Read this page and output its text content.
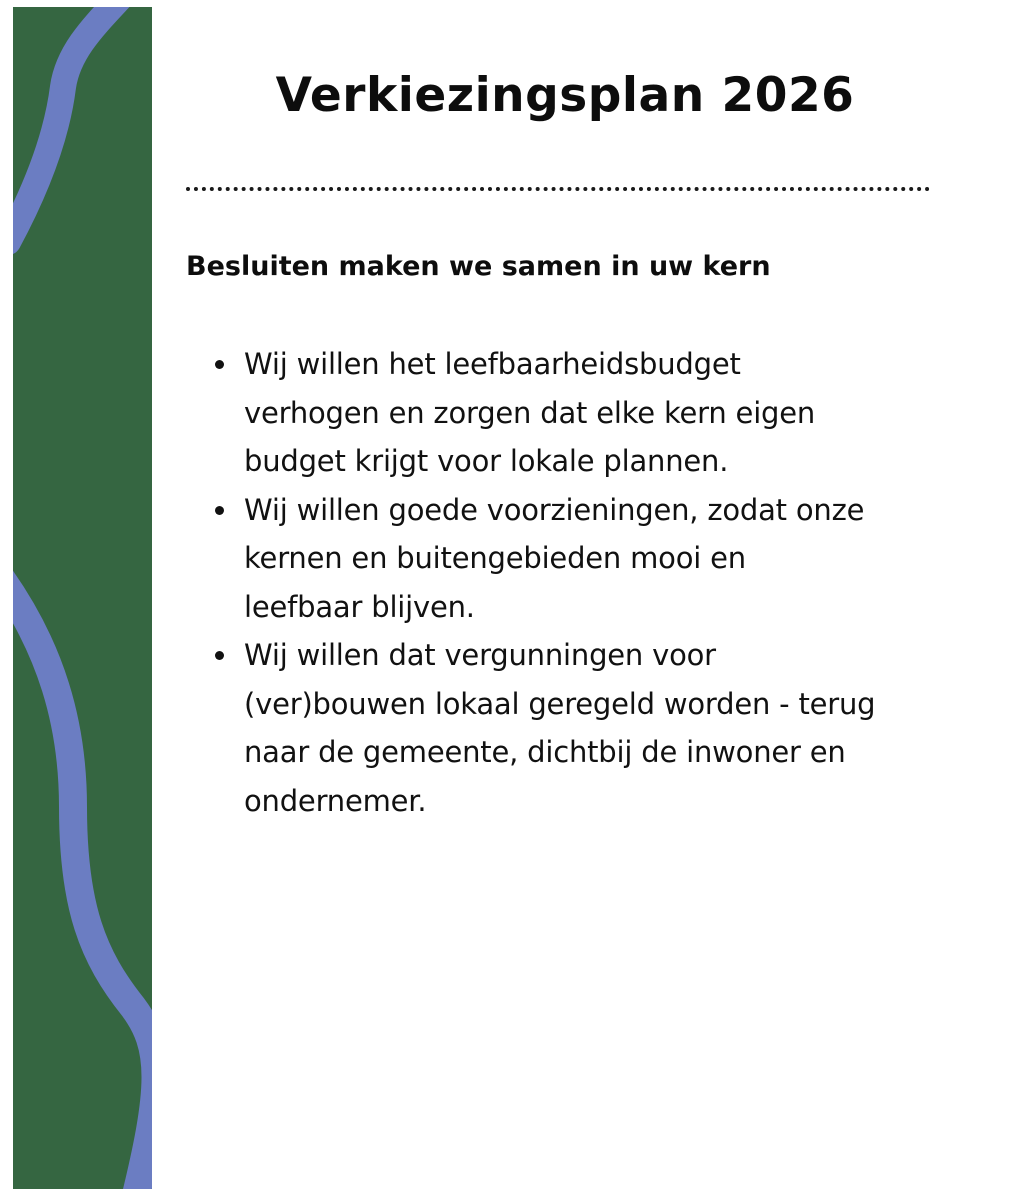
Verkiezingsplan 2026
Besluiten maken we samen in uw kern
Wij willen het leefbaarheidsbudget
verhogen en zorgen dat elke kern eigen
budget krijgt voor lokale plannen.
Wij willen goede voorzieningen, zodat onze
kernen en buitengebieden mooi en
leefbaar blijven.
Wij willen dat vergunningen voor
(ver)bouwen lokaal geregeld worden - terug
naar de gemeente, dichtbij de inwoner en
ondernemer.
